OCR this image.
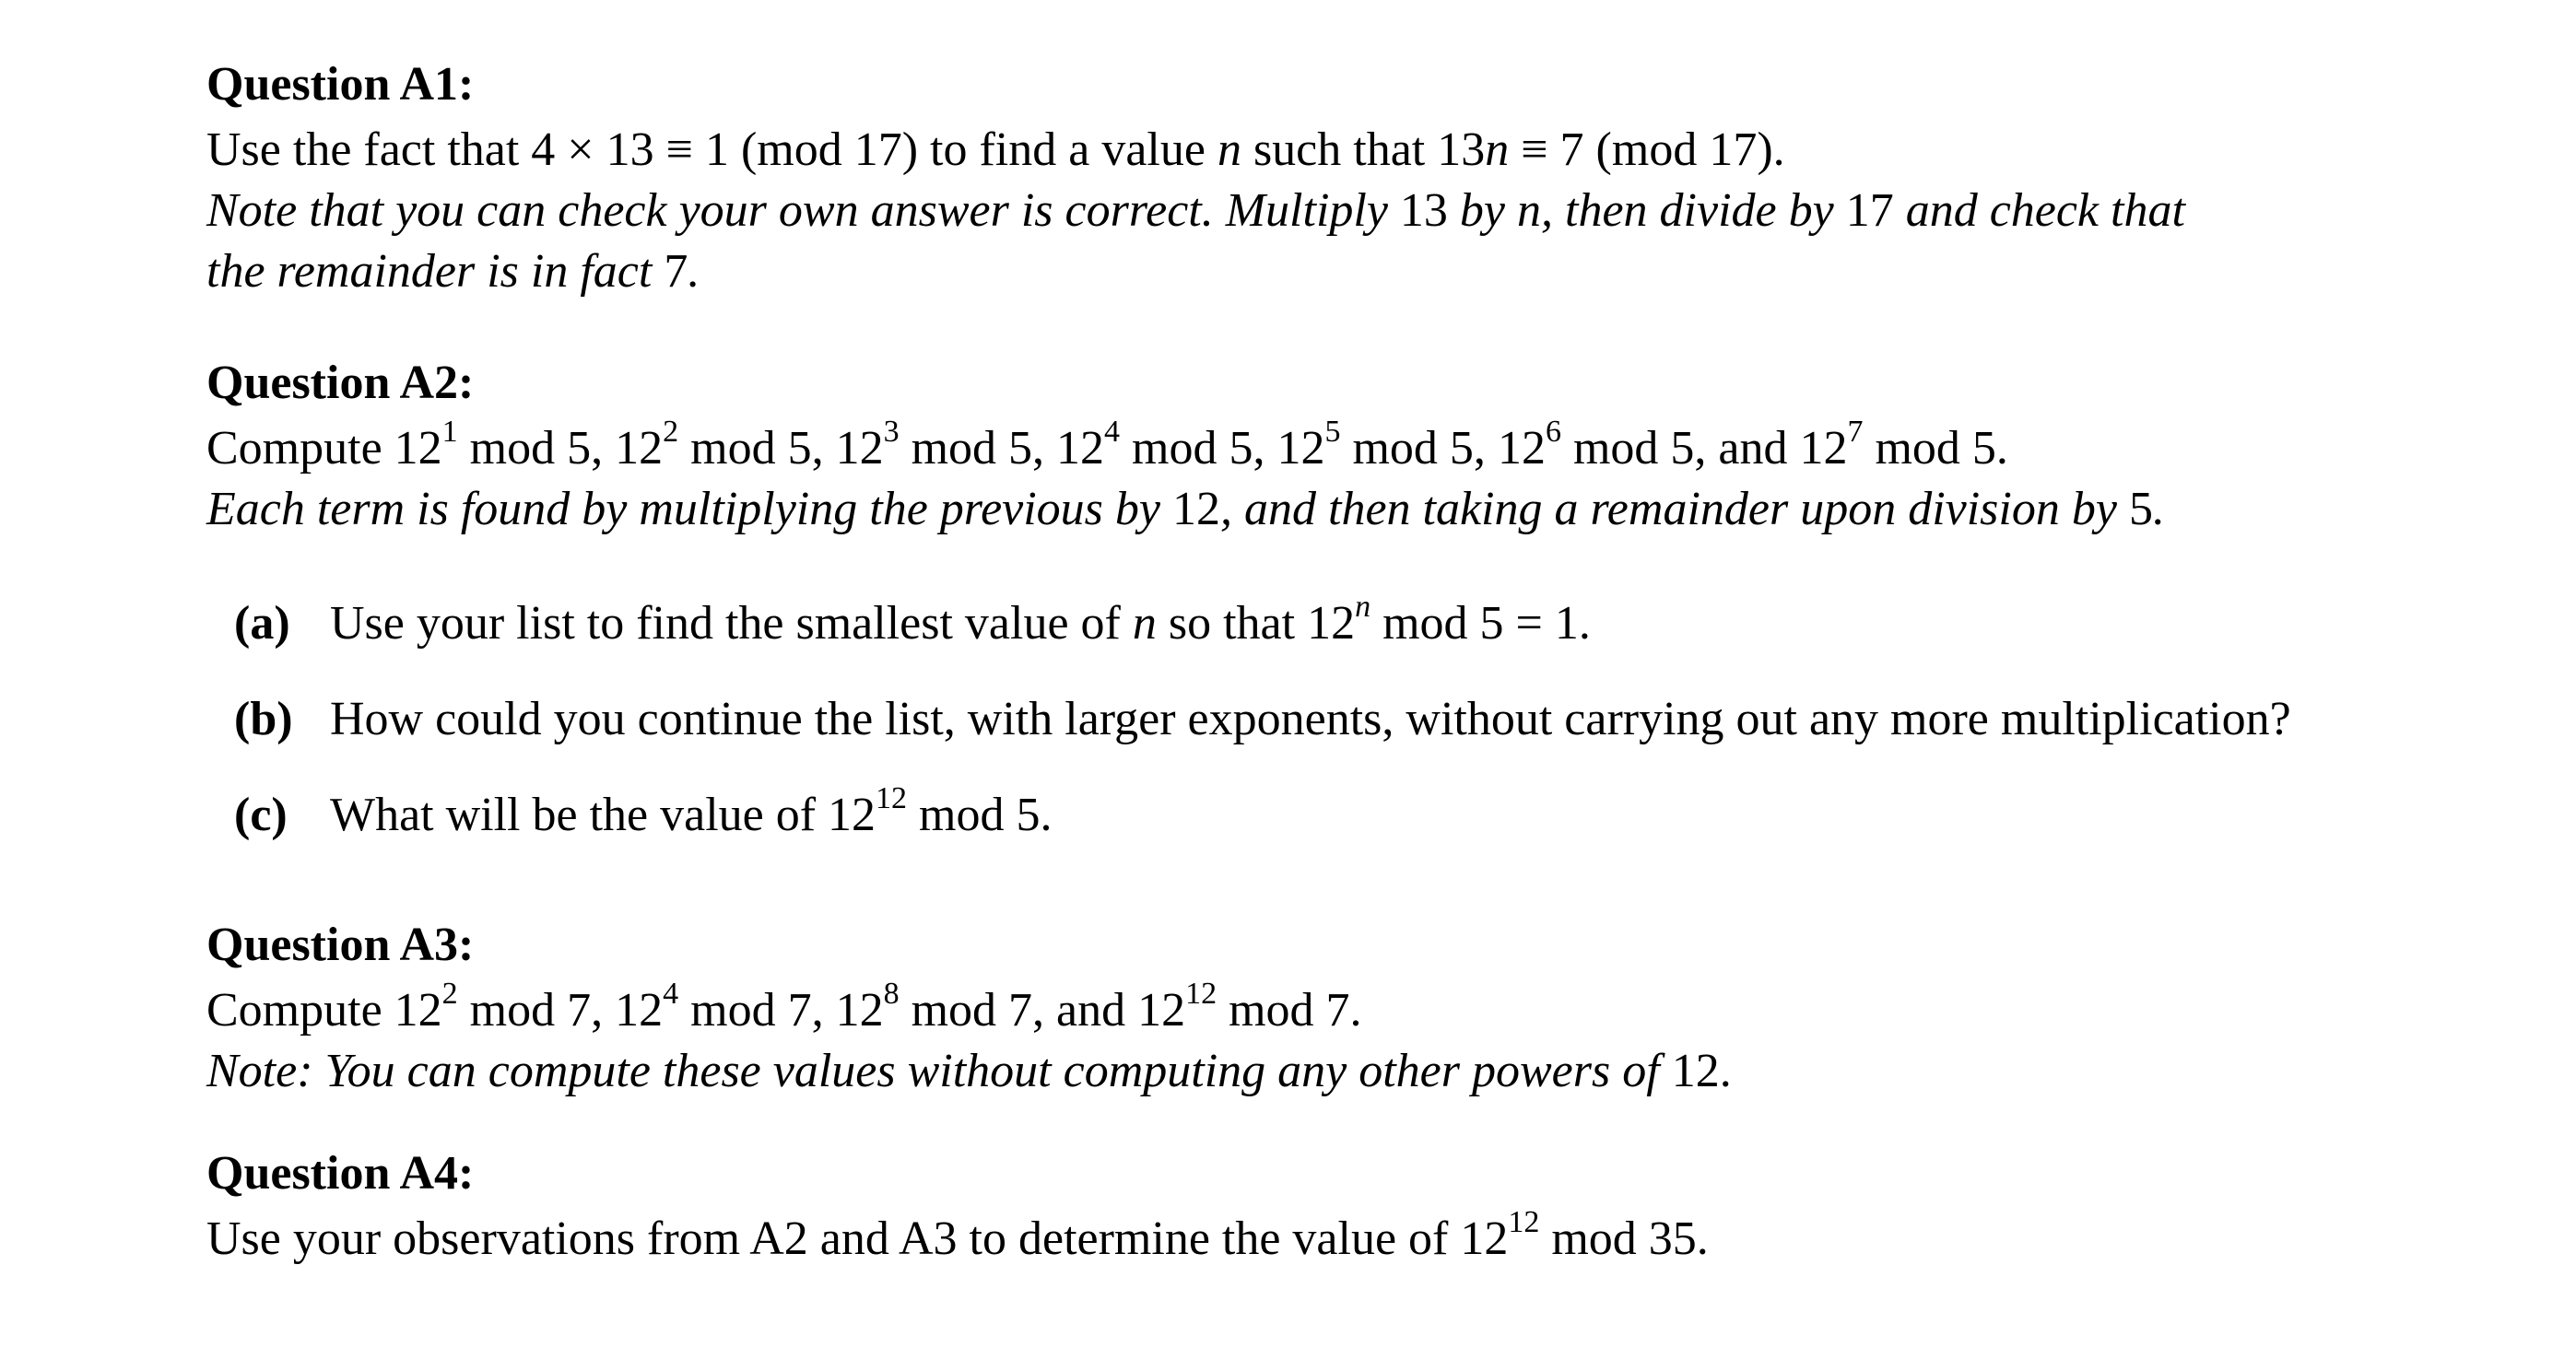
Question A1:
Use the fact that 4 × 13 ≡ 1 (mod 17) to find a value n such that 13n ≡ 7 (mod 17).
Note that you can check your own answer is correct. Multiply 13 by n, then divide by 17 and check that
the remainder is in fact 7.
Question A2:
Compute $12^1$ mod 5, $12^2$ mod 5, $12^3$ mod 5, $12^4$ mod 5, $12^5$ mod 5, $12^6$ mod 5, and $12^7$ mod 5.
Each term is found by multiplying the previous by 12, and then taking a remainder upon division by 5.
(a) Use your list to find the smallest value of n so that 12$^n$ mod 5 = 1.
(b) How could you continue the list, with larger exponents, without carrying out any more multiplication?
(c) What will be the value of $12^{12}$ mod 5.
Question A3:
Compute $12^2$ mod 7, $12^4$ mod 7, $12^8$ mod 7, and $12^{12}$ mod 7.
Note: You can compute these values without computing any other powers of 12.
Question A4:
Use your observations from A2 and A3 to determine the value of $12^{12}$ mod 35.
